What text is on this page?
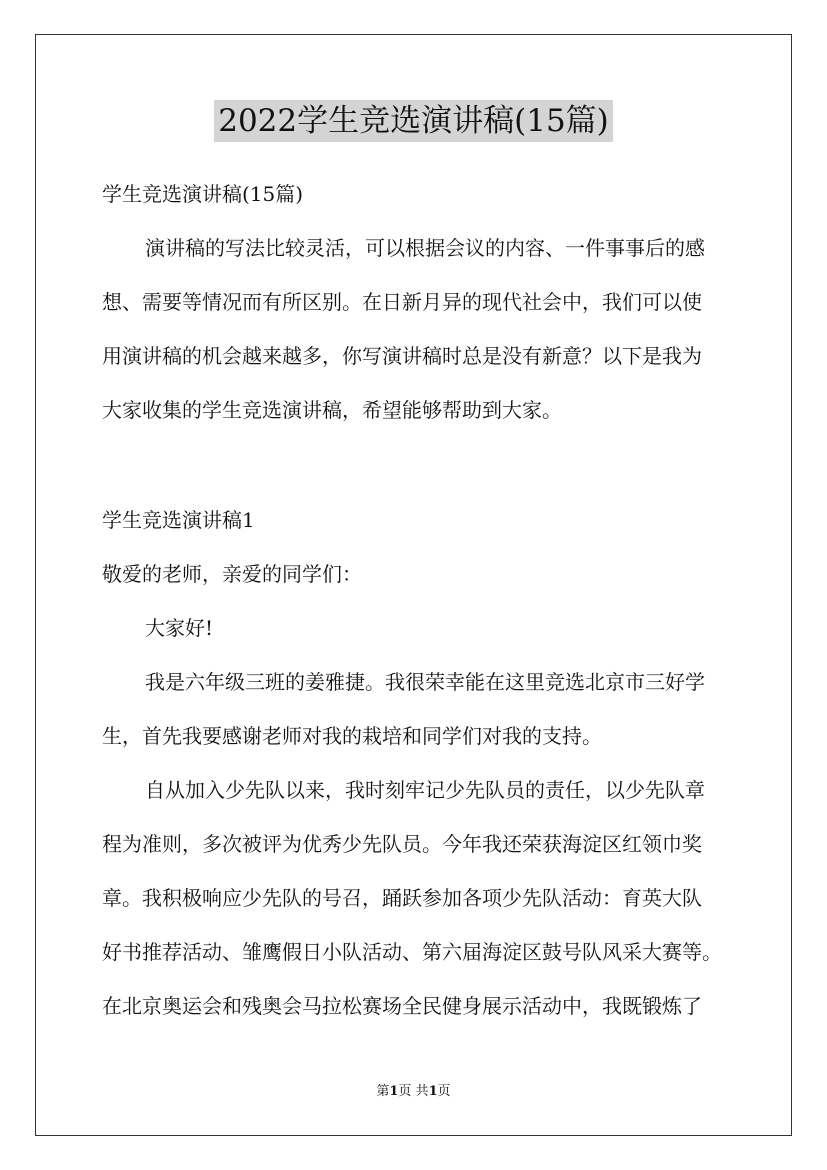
2022学生竞选演讲稿(15篇)
学生竞选演讲稿(15篇)
演讲稿的写法比较灵活，可以根据会议的内容、一件事事后的感
想、需要等情况而有所区别。在日新月异的现代社会中，我们可以使
用演讲稿的机会越来越多，你写演讲稿时总是没有新意？以下是我为
大家收集的学生竞选演讲稿，希望能够帮助到大家。
学生竞选演讲稿1
敬爱的老师，亲爱的同学们：
大家好!
我是六年级三班的姜雅捷。我很荣幸能在这里竞选北京市三好学
生，首先我要感谢老师对我的栽培和同学们对我的支持。
自从加入少先队以来，我时刻牢记少先队员的责任，以少先队章
程为准则，多次被评为优秀少先队员。今年我还荣获海淀区红领巾奖
章。我积极响应少先队的号召，踊跃参加各项少先队活动：育英大队
好书推荐活动、雏鹰假日小队活动、第六届海淀区鼓号队风采大赛等。
在北京奥运会和残奥会马拉松赛场全民健身展示活动中，我既锻炼了
第1页 共1页
